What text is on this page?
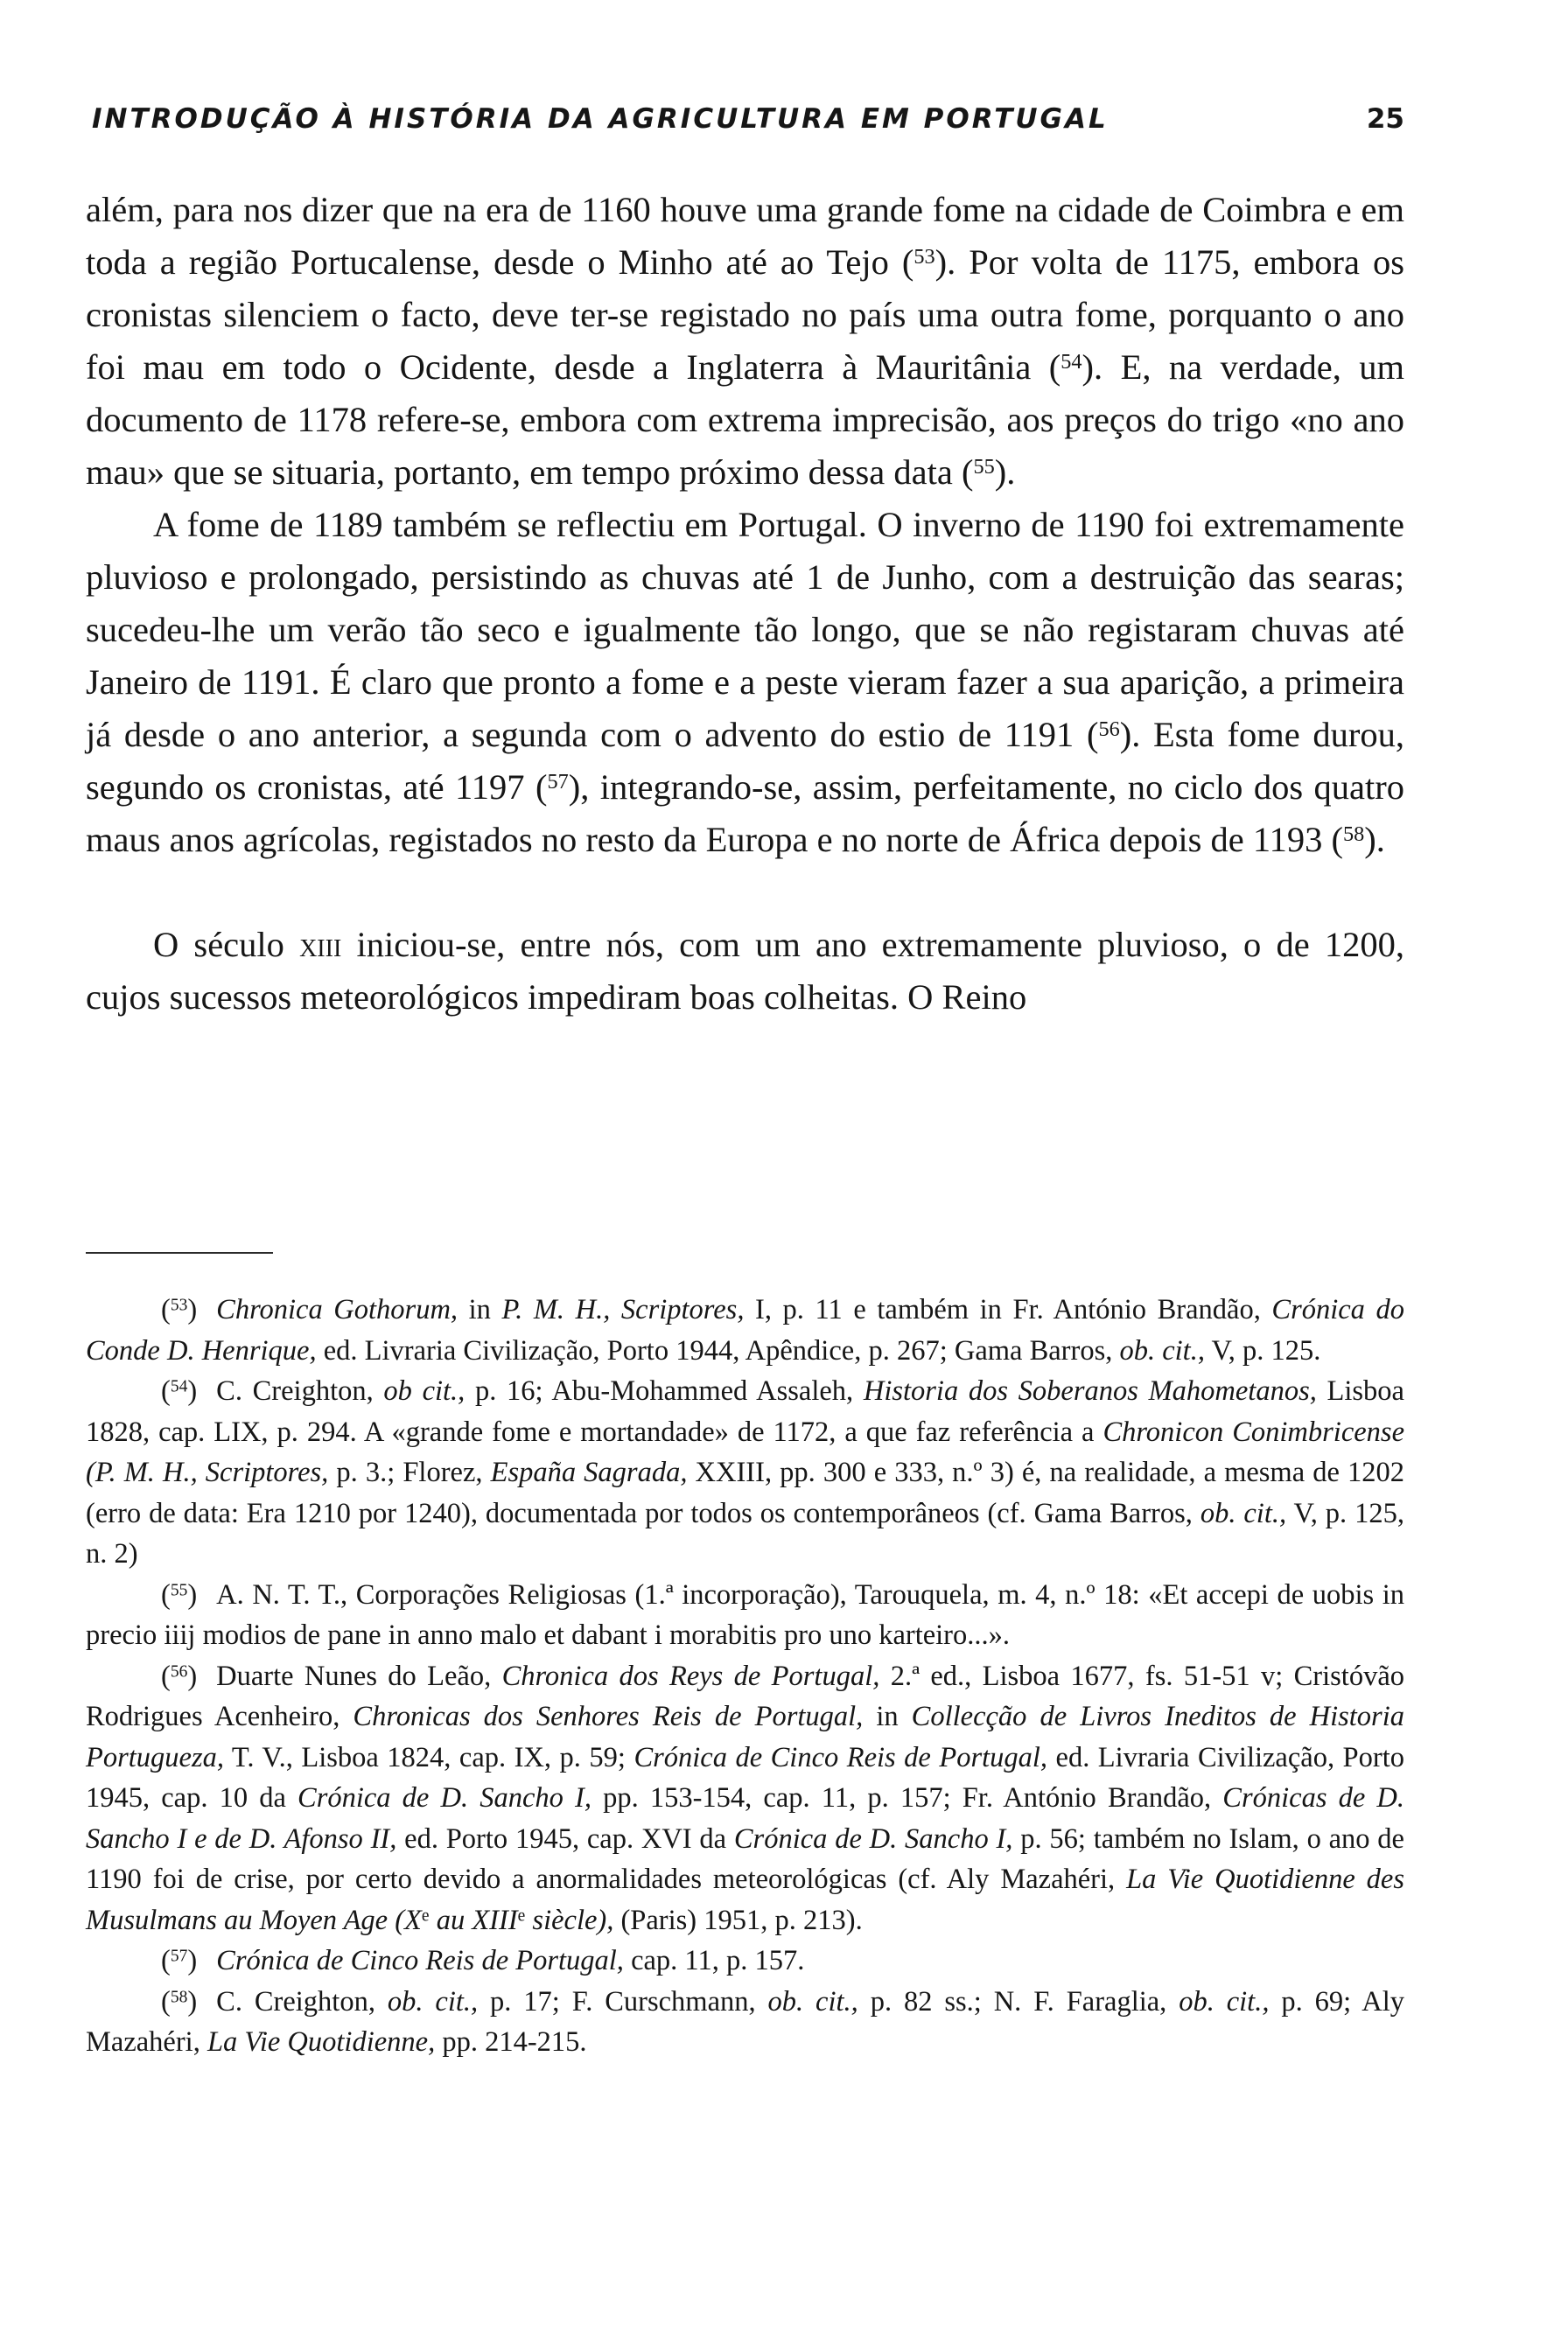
INTRODUÇÃO À HISTÓRIA DA AGRICULTURA EM PORTUGAL	25

além, para nos dizer que na era de 1160 houve uma grande fome na cidade de Coimbra e em toda a região Portucalense, desde o Minho até ao Tejo ($^{53}$). Por volta de 1175, embora os cronistas silenciem o facto, deve ter-se registado no país uma outra fome, porquanto o ano foi mau em todo o Ocidente, desde a Inglaterra à Mauritânia ($^{54}$). E, na verdade, um documento de 1178 refere-se, embora com extrema imprecisão, aos preços do trigo «no ano mau» que se situaria, portanto, em tempo próximo dessa data ($^{55}$).

A fome de 1189 também se reflectiu em Portugal. O inverno de 1190 foi extremamente pluvioso e prolongado, persistindo as chuvas até 1 de Junho, com a destruição das searas; sucedeu-lhe um verão tão seco e igualmente tão longo, que se não registaram chuvas até Janeiro de 1191. É claro que pronto a fome e a peste vieram fazer a sua aparição, a primeira já desde o ano anterior, a segunda com o advento do estio de 1191 ($^{56}$). Esta fome durou, segundo os cronistas, até 1197 ($^{57}$), integrando-se, assim, perfeitamente, no ciclo dos quatro maus anos agrícolas, registados no resto da Europa e no norte de África depois de 1193 ($^{58}$).

O século xiii iniciou-se, entre nós, com um ano extremamente pluvioso, o de 1200, cujos sucessos meteorológicos impediram boas colheitas. O Reino

($^{53}$) Chronica Gothorum, in P. M. H., Scriptores, I, p. 11 e também in Fr. António Brandão, Crónica do Conde D. Henrique, ed. Livraria Civilização, Porto 1944, Apêndice, p. 267; Gama Barros, ob. cit., V, p. 125.

($^{54}$) C. Creighton, ob cit., p. 16; Abu-Mohammed Assaleh, Historia dos Soberanos Mahometanos, Lisboa 1828, cap. LIX, p. 294. A «grande fome e mortandade» de 1172, a que faz referência a Chronicon Conimbricense (P. M. H., Scriptores, p. 3.; Florez, España Sagrada, XXIII, pp. 300 e 333, n.º 3) é, na realidade, a mesma de 1202 (erro de data: Era 1210 por 1240), documentada por todos os contemporâneos (cf. Gama Barros, ob. cit., V, p. 125, n. 2)

($^{55}$) A. N. T. T., Corporações Religiosas (1.ª incorporação), Tarouquela, m. 4, n.º 18: «Et accepi de uobis in precio iiij modios de pane in anno malo et dabant i morabitis pro uno karteiro...».

($^{56}$) Duarte Nunes do Leão, Chronica dos Reys de Portugal, 2.ª ed., Lisboa 1677, fs. 51-51 v; Cristóvão Rodrigues Acenheiro, Chronicas dos Senhores Reis de Portugal, in Collecção de Livros Ineditos de Historia Portugueza, T. V., Lisboa 1824, cap. IX, p. 59; Crónica de Cinco Reis de Portugal, ed. Livraria Civilização, Porto 1945, cap. 10 da Crónica de D. Sancho I, pp. 153-154, cap. 11, p. 157; Fr. António Brandão, Crónicas de D. Sancho I e de D. Afonso II, ed. Porto 1945, cap. XVI da Crónica de D. Sancho I, p. 56; também no Islam, o ano de 1190 foi de crise, por certo devido a anormalidades meteorológicas (cf. Aly Mazahéri, La Vie Quotidienne des Musulmans au Moyen Age (Xe au XIIIe siècle), (Paris) 1951, p. 213).

($^{57}$) Crónica de Cinco Reis de Portugal, cap. 11, p. 157.

($^{58}$) C. Creighton, ob. cit., p. 17; F. Curschmann, ob. cit., p. 82 ss.; N. F. Faraglia, ob. cit., p. 69; Aly Mazahéri, La Vie Quotidienne, pp. 214-215.
